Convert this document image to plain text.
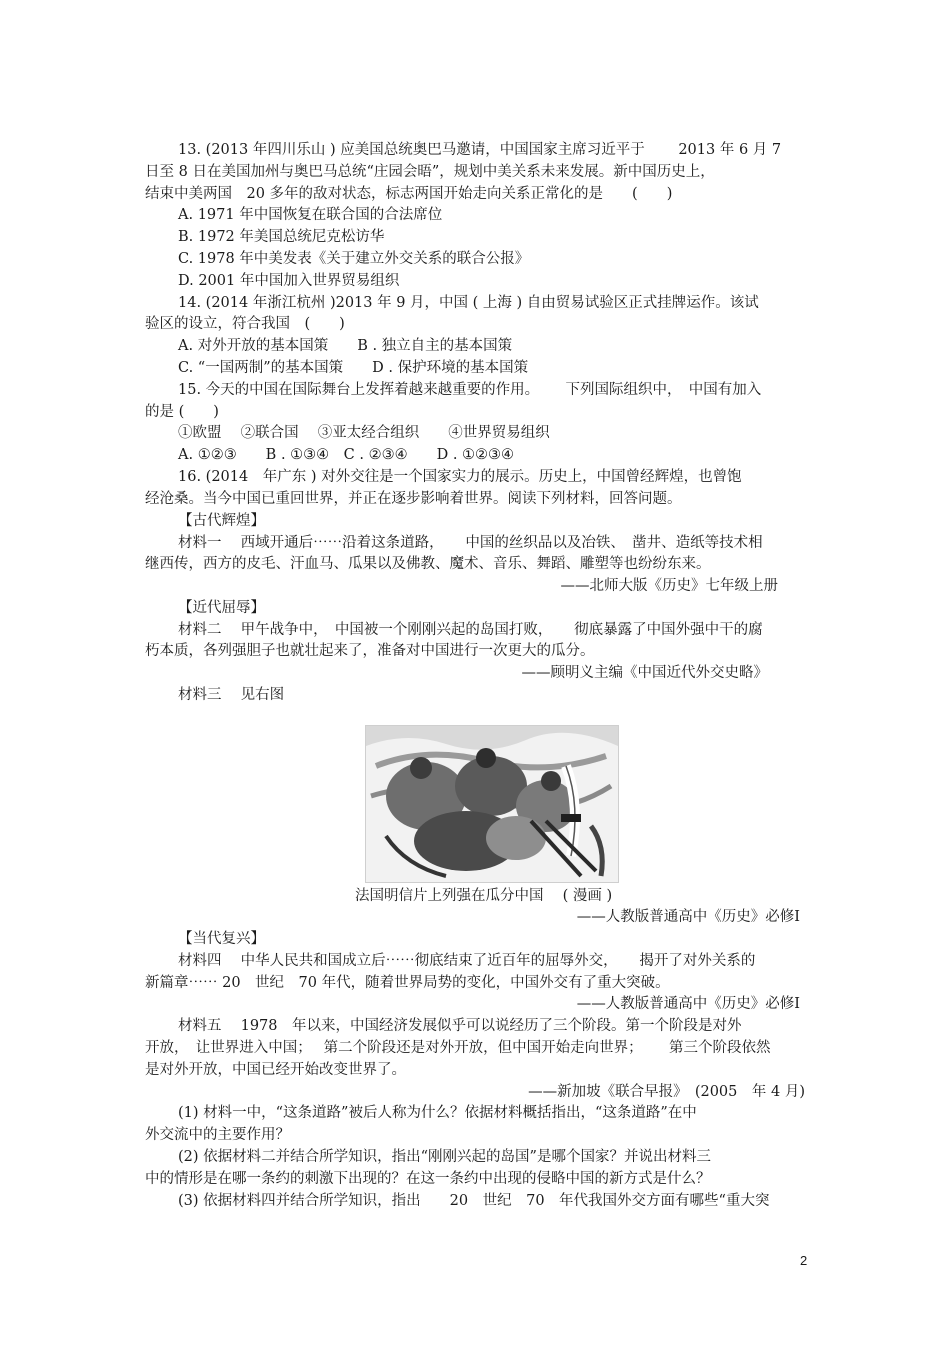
13. (2013 年四川乐山 ) 应美国总统奥巴马邀请，中国国家主席习近平于　　 2013 年 6 月 7
日至 8 日在美国加州与奥巴马总统“庄园会晤”，规划中美关系未来发展。新中国历史上，
结束中美两国　20 多年的敌对状态，标志两国开始走向关系正常化的是　　(　　)
A. 1971 年中国恢复在联合国的合法席位
B. 1972 年美国总统尼克松访华
C. 1978 年中美发表《关于建立外交关系的联合公报》
D. 2001 年中国加入世界贸易组织
14. (2014 年浙江杭州 )2013 年 9 月，中国 ( 上海 ) 自由贸易试验区正式挂牌运作。该试
验区的设立，符合我国　(　　)
A. 对外开放的基本国策　　B . 独立自主的基本国策
C. “一国两制”的基本国策　　D . 保护环境的基本国策
15. 今天的中国在国际舞台上发挥着越来越重要的作用。　　 下列国际组织中，　中国有加入
的是 (　　)
①欧盟　 ②联合国　 ③亚太经合组织　　④世界贸易组织
A. ①②③　　B . ①③④　C . ②③④　　D . ①②③④
16. (2014　年广东 ) 对外交往是一个国家实力的展示。历史上，中国曾经辉煌，也曾饱
经沧桑。当今中国已重回世界，并正在逐步影响着世界。阅读下列材料，回答问题。
【古代辉煌】
材料一　 西域开通后⋯⋯沿着这条道路，　　中国的丝织品以及冶铁、　凿井、造纸等技术相
继西传，西方的皮毛、汗血马、瓜果以及佛教、魔术、音乐、舞蹈、雕塑等也纷纷东来。
——北师大版《历史》七年级上册
【近代屈辱】
材料二　 甲午战争中，　中国被一个刚刚兴起的岛国打败，　　彻底暴露了中国外强中干的腐
朽本质，各列强胆子也就壮起来了，准备对中国进行一次更大的瓜分。
——顾明义主编《中国近代外交史略》
材料三　 见右图
法国明信片上列强在瓜分中国　 ( 漫画 )
——人教版普通高中《历史》必修Ⅰ
【当代复兴】
材料四　 中华人民共和国成立后⋯⋯彻底结束了近百年的屈辱外交，　　揭开了对外关系的
新篇章⋯⋯ 20　世纪　70 年代，随着世界局势的变化，中国外交有了重大突破。
——人教版普通高中《历史》必修Ⅰ
材料五　 1978　年以来，中国经济发展似乎可以说经历了三个阶段。第一个阶段是对外
开放，　让世界进入中国；　 第二个阶段还是对外开放，但中国开始走向世界；　　 第三个阶段依然
是对外开放，中国已经开始改变世界了。
——新加坡《联合早报》　(2005　年 4 月)
(1) 材料一中，“这条道路”被后人称为什么？依据材料概括指出，“这条道路”在中
外交流中的主要作用？
(2) 依据材料二并结合所学知识，指出“刚刚兴起的岛国”是哪个国家？并说出材料三
中的情形是在哪一条约的刺激下出现的？在这一条约中出现的侵略中国的新方式是什么？
(3) 依据材料四并结合所学知识，指出　　20　世纪　70　年代我国外交方面有哪些“重大突
2
